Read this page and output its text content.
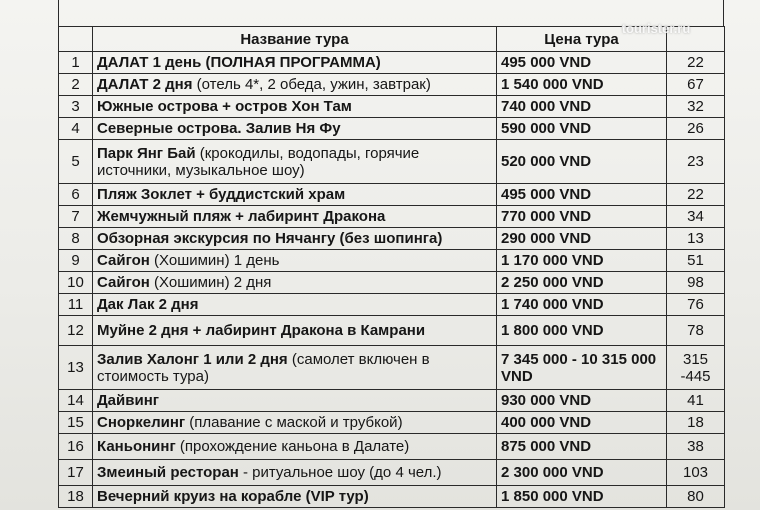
	Название тура	Цена тура	
1	ДАЛАТ 1 день (ПОЛНАЯ ПРОГРАММА)	495 000 VND	22
2	ДАЛАТ 2 дня (отель 4*, 2 обеда, ужин, завтрак)	1 540 000 VND	67
3	Южные острова + остров Хон Там	740 000 VND	32
4	Северные острова. Залив Ня Фу	590 000 VND	26
5	Парк Янг Бай (крокодилы, водопады, горячие источники, музыкальное шоу)	520 000 VND	23
6	Пляж Зоклет + буддистский храм	495 000 VND	22
7	Жемчужный пляж + лабиринт Дракона	770 000 VND	34
8	Обзорная экскурсия по Нячангу (без шопинга)	290 000 VND	13
9	Сайгон (Хошимин) 1 день	1 170 000 VND	51
10	Сайгон (Хошимин) 2 дня	2 250 000 VND	98
11	Дак Лак 2 дня	1 740 000 VND	76
12	Муйне 2 дня + лабиринт Дракона в Камрани	1 800 000 VND	78
13	Залив Халонг 1 или 2 дня (самолет включен в стоимость тура)	7 345 000 - 10 315 000 VND	315 -445
14	Дайвинг	930 000 VND	41
15	Сноркелинг (плавание с маской и трубкой)	400 000 VND	18
16	Каньонинг (прохождение каньона в Далате)	875 000 VND	38
17	Змеиный ресторан - ритуальное шоу (до 4 чел.)	2 300 000 VND	103
18	Вечерний круиз на корабле (VIP тур)	1 850 000 VND	80
tourister.ru
